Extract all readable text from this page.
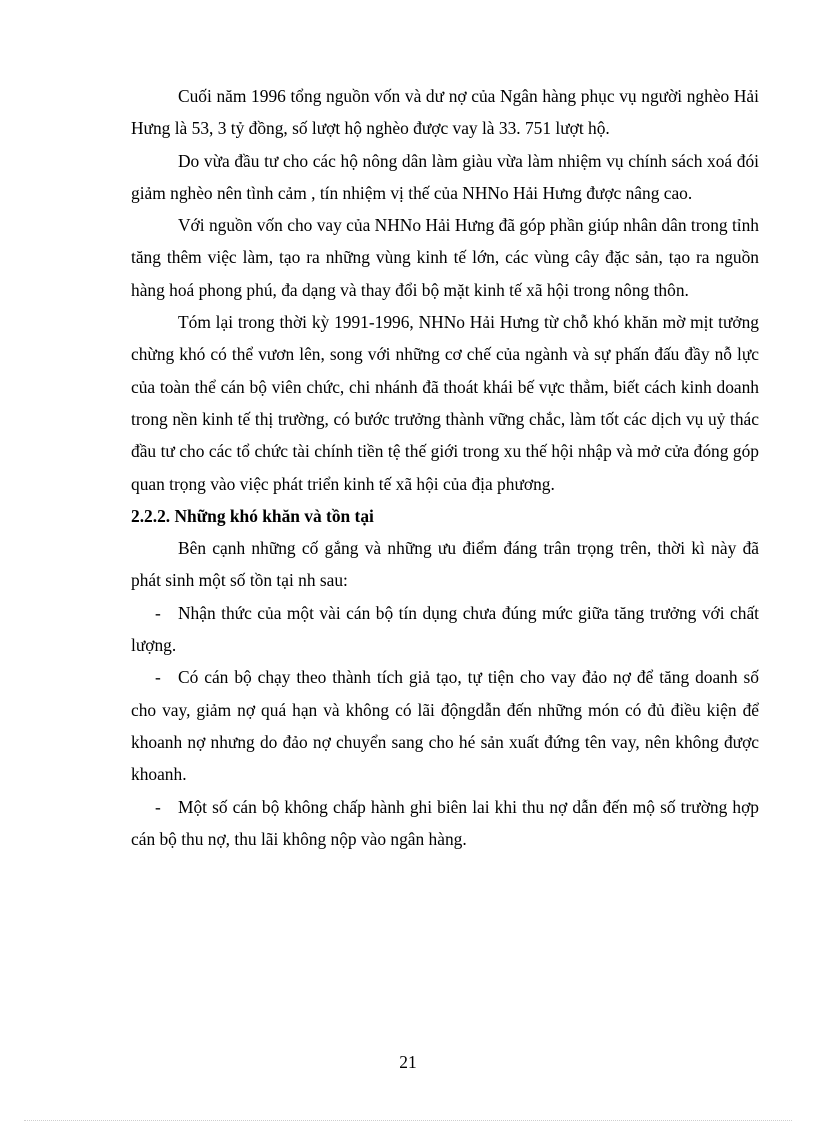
Cuối năm 1996 tổng nguồn vốn và dư nợ của Ngân hàng phục vụ người nghèo Hải Hưng là 53, 3 tỷ đồng, số lượt hộ nghèo được vay là 33. 751 lượt hộ.

Do vừa đầu tư cho các hộ nông dân làm giàu vừa làm nhiệm vụ chính sách xoá đói giảm nghèo nên tình cảm , tín nhiệm vị thế của NHNo Hải Hưng được nâng cao.

Với nguồn vốn cho vay của NHNo Hải Hưng đã góp phần giúp nhân dân trong tỉnh tăng thêm việc làm, tạo ra những vùng kinh tế lớn, các vùng cây đặc sản, tạo ra nguồn hàng hoá phong phú, đa dạng và thay đổi bộ mặt kinh tế xã hội trong nông thôn.

Tóm lại trong thời kỳ 1991-1996, NHNo Hải Hưng từ chỗ khó khăn mờ mịt tưởng chừng khó có thể vươn lên, song với những cơ chế của ngành và sự phấn đấu đầy nỗ lực của toàn thể cán bộ viên chức, chi nhánh đã thoát khái bế vực thẳm, biết cách kinh doanh trong nền kinh tế thị trường, có bước trưởng thành vững chắc, làm tốt các dịch vụ uỷ thác đầu tư cho các tổ chức tài chính tiền tệ thế giới trong xu thế hội nhập và mở cửa đóng góp quan trọng vào việc phát triển kinh tế xã hội của địa phương.

2.2.2. Những khó khăn và tồn tại

Bên cạnh những cố gắng và những ưu điểm đáng trân trọng trên, thời kì này đã phát sinh một số tồn tại nh sau:

- Nhận thức của một vài cán bộ tín dụng chưa đúng mức giữa tăng trưởng với chất lượng.

- Có cán bộ chạy theo thành tích giả tạo, tự tiện cho vay đảo nợ để tăng doanh số cho vay, giảm nợ quá hạn và không có lãi độngdẫn đến những món có đủ điều kiện để khoanh nợ nhưng do đảo nợ chuyển sang cho hé sản xuất đứng tên vay, nên không được khoanh.

- Một số cán bộ không chấp hành ghi biên lai khi thu nợ dẫn đến mộ số trường hợp cán bộ thu nợ, thu lãi không nộp vào ngân hàng.

21
